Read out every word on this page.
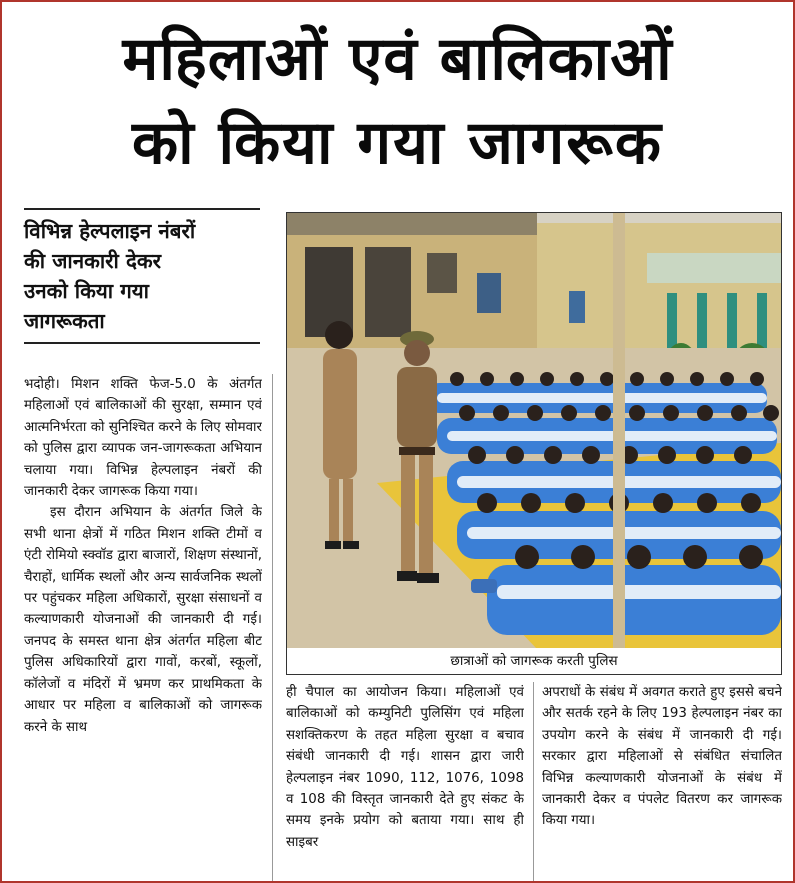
महिलाओं एवं बालिकाओं
को किया गया जागरूक
विभिन्न हेल्पलाइन नंबरों
की जानकारी देकर
उनको किया गया
जागरूकता
छात्राओं को जागरूक करती पुलिस

भदोही। मिशन शक्ति फेज-5.0 के अंतर्गत महिलाओं एवं बालिकाओं की सुरक्षा, सम्मान एवं आत्मनिर्भरता को सुनिश्चित करने के लिए सोमवार को पुलिस द्वारा व्यापक जन-जागरूकता अभियान चलाया गया। विभिन्न हेल्पलाइन नंबरों की जानकारी देकर जागरूक किया गया।

इस दौरान अभियान के अंतर्गत जिले के सभी थाना क्षेत्रों में गठित मिशन शक्ति टीमों व एंटी रोमियो स्क्वॉड द्वारा बाजारों, शिक्षण संस्थानों, चैराहों, धार्मिक स्थलों और अन्य सार्वजनिक स्थलों पर पहुंचकर महिला अधिकारों, सुरक्षा संसाधनों व कल्याणकारी योजनाओं की जानकारी दी गई। जनपद के समस्त थाना क्षेत्र अंतर्गत महिला बीट पुलिस अधिकारियों द्वारा गावों, करबों, स्कूलों, कॉलेजों व मंदिरों में भ्रमण कर प्राथमिकता के आधार पर महिला व बालिकाओं को जागरूक करने के साथ

ही चैपाल का आयोजन किया। महिलाओं एवं बालिकाओं को कम्युनिटी पुलिसिंग एवं महिला सशक्तिकरण के तहत महिला सुरक्षा व बचाव संबंधी जानकारी दी गई। शासन द्वारा जारी हेल्पलाइन नंबर 1090, 112, 1076, 1098 व 108 की विस्तृत जानकारी देते हुए संकट के समय इनके प्रयोग को बताया गया। साथ ही साइबर

अपराधों के संबंध में अवगत कराते हुए इससे बचने और सतर्क रहने के लिए 193 हेल्पलाइन नंबर का उपयोग करने के संबंध में जानकारी दी गई। सरकार द्वारा महिलाओं से संबंधित संचालित विभिन्न कल्याणकारी योजनाओं के संबंध में जानकारी देकर व पंपलेट वितरण कर जागरूक किया गया।
